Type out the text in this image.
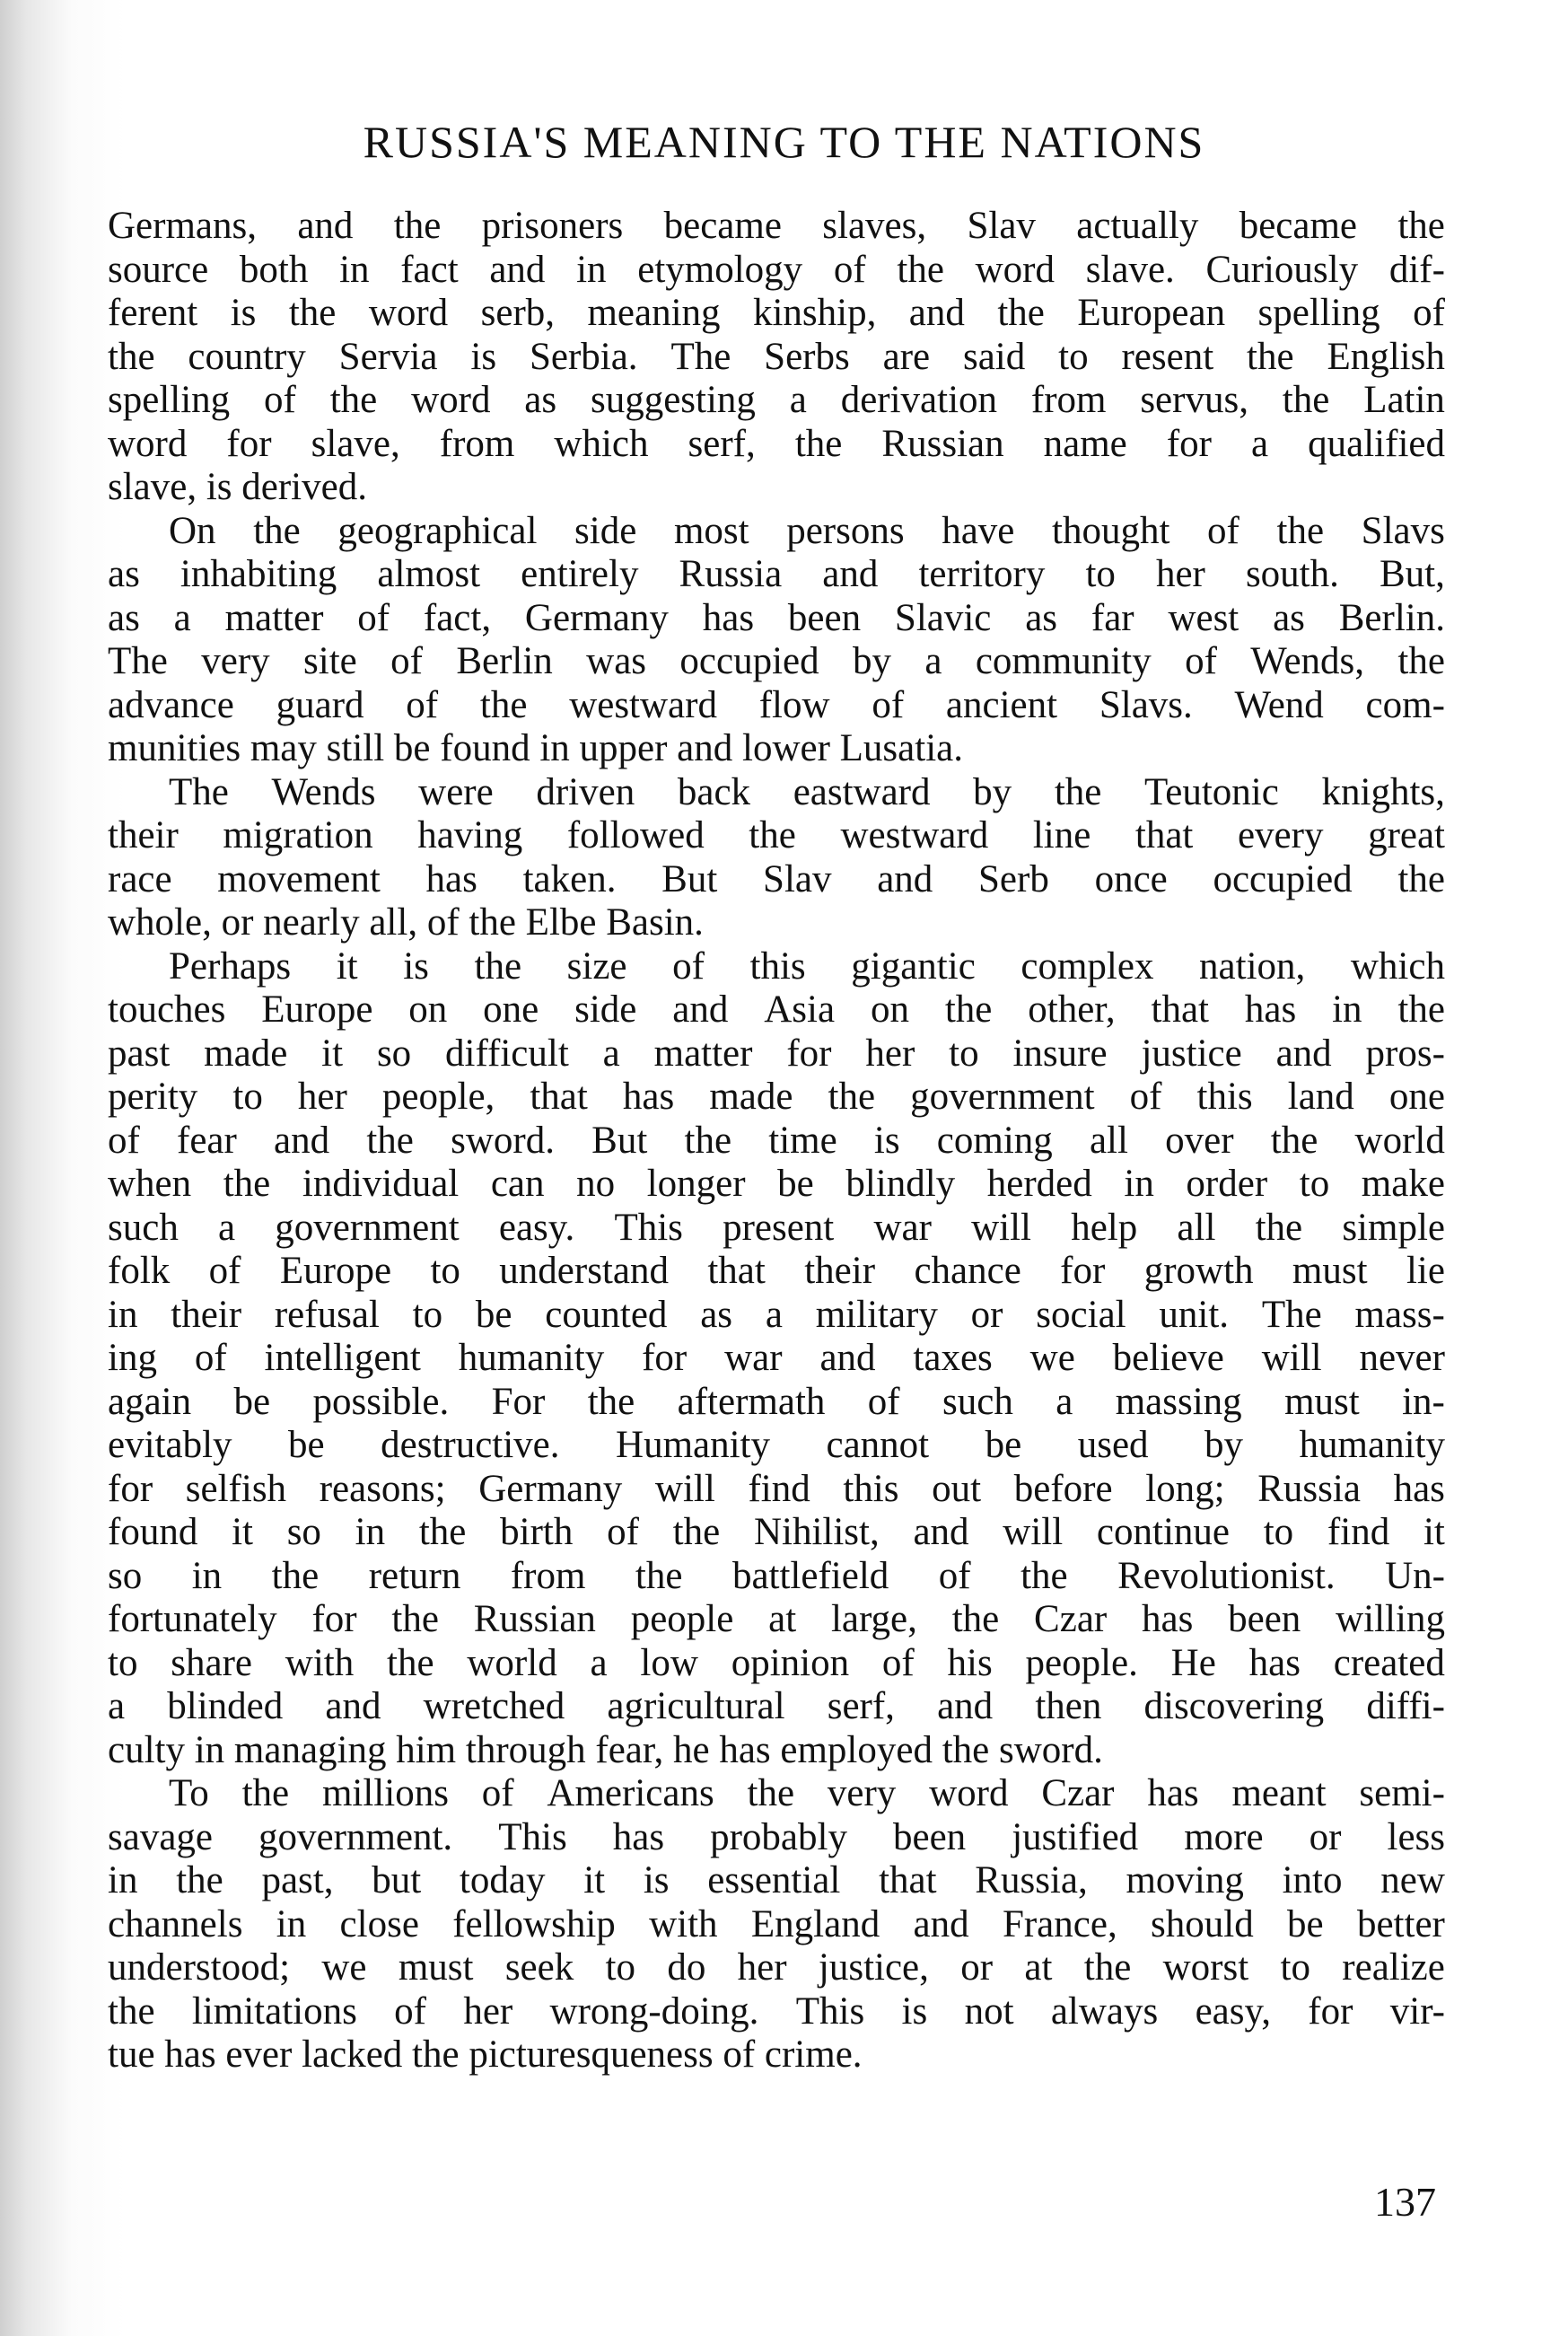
RUSSIA'S MEANING TO THE NATIONS
Germans, and the prisoners became slaves, Slav actually became the
source both in fact and in etymology of the word slave. Curiously dif-
ferent is the word serb, meaning kinship, and the European spelling of
the country Servia is Serbia. The Serbs are said to resent the English
spelling of the word as suggesting a derivation from servus, the Latin
word for slave, from which serf, the Russian name for a qualified
slave, is derived.
On the geographical side most persons have thought of the Slavs
as inhabiting almost entirely Russia and territory to her south. But,
as a matter of fact, Germany has been Slavic as far west as Berlin.
The very site of Berlin was occupied by a community of Wends, the
advance guard of the westward flow of ancient Slavs. Wend com-
munities may still be found in upper and lower Lusatia.
The Wends were driven back eastward by the Teutonic knights,
their migration having followed the westward line that every great
race movement has taken. But Slav and Serb once occupied the
whole, or nearly all, of the Elbe Basin.
Perhaps it is the size of this gigantic complex nation, which
touches Europe on one side and Asia on the other, that has in the
past made it so difficult a matter for her to insure justice and pros-
perity to her people, that has made the government of this land one
of fear and the sword. But the time is coming all over the world
when the individual can no longer be blindly herded in order to make
such a government easy. This present war will help all the simple
folk of Europe to understand that their chance for growth must lie
in their refusal to be counted as a military or social unit. The mass-
ing of intelligent humanity for war and taxes we believe will never
again be possible. For the aftermath of such a massing must in-
evitably be destructive. Humanity cannot be used by humanity
for selfish reasons; Germany will find this out before long; Russia has
found it so in the birth of the Nihilist, and will continue to find it
so in the return from the battlefield of the Revolutionist. Un-
fortunately for the Russian people at large, the Czar has been willing
to share with the world a low opinion of his people. He has created
a blinded and wretched agricultural serf, and then discovering diffi-
culty in managing him through fear, he has employed the sword.
To the millions of Americans the very word Czar has meant semi-
savage government. This has probably been justified more or less
in the past, but today it is essential that Russia, moving into new
channels in close fellowship with England and France, should be better
understood; we must seek to do her justice, or at the worst to realize
the limitations of her wrong-doing. This is not always easy, for vir-
tue has ever lacked the picturesqueness of crime.
137
